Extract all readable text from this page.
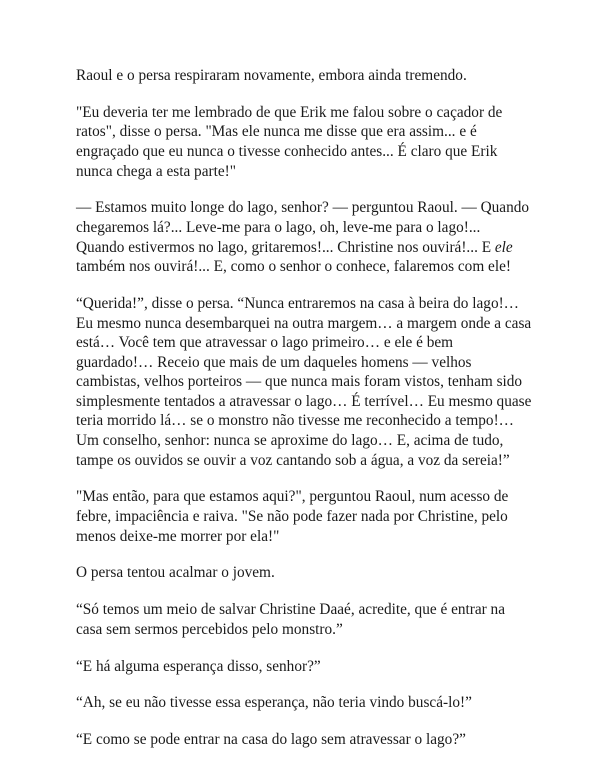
Raoul e o persa respiraram novamente, embora ainda tremendo.

"Eu deveria ter me lembrado de que Erik me falou sobre o caçador de ratos", disse o persa. "Mas ele nunca me disse que era assim... e é engraçado que eu nunca o tivesse conhecido antes... É claro que Erik nunca chega a esta parte!"

— Estamos muito longe do lago, senhor? — perguntou Raoul. — Quando chegaremos lá?... Leve-me para o lago, oh, leve-me para o lago!... Quando estivermos no lago, gritaremos!... Christine nos ouvirá!... E ele também nos ouvirá!... E, como o senhor o conhece, falaremos com ele!

“Querida!”, disse o persa. “Nunca entraremos na casa à beira do lago!… Eu mesmo nunca desembarquei na outra margem… a margem onde a casa está… Você tem que atravessar o lago primeiro… e ele é bem guardado!… Receio que mais de um daqueles homens — velhos cambistas, velhos porteiros — que nunca mais foram vistos, tenham sido simplesmente tentados a atravessar o lago… É terrível… Eu mesmo quase teria morrido lá… se o monstro não tivesse me reconhecido a tempo!… Um conselho, senhor: nunca se aproxime do lago… E, acima de tudo, tampe os ouvidos se ouvir a voz cantando sob a água, a voz da sereia!”

"Mas então, para que estamos aqui?", perguntou Raoul, num acesso de febre, impaciência e raiva. "Se não pode fazer nada por Christine, pelo menos deixe-me morrer por ela!"

O persa tentou acalmar o jovem.

“Só temos um meio de salvar Christine Daaé, acredite, que é entrar na casa sem sermos percebidos pelo monstro.”

“E há alguma esperança disso, senhor?”

“Ah, se eu não tivesse essa esperança, não teria vindo buscá-lo!”

“E como se pode entrar na casa do lago sem atravessar o lago?”
